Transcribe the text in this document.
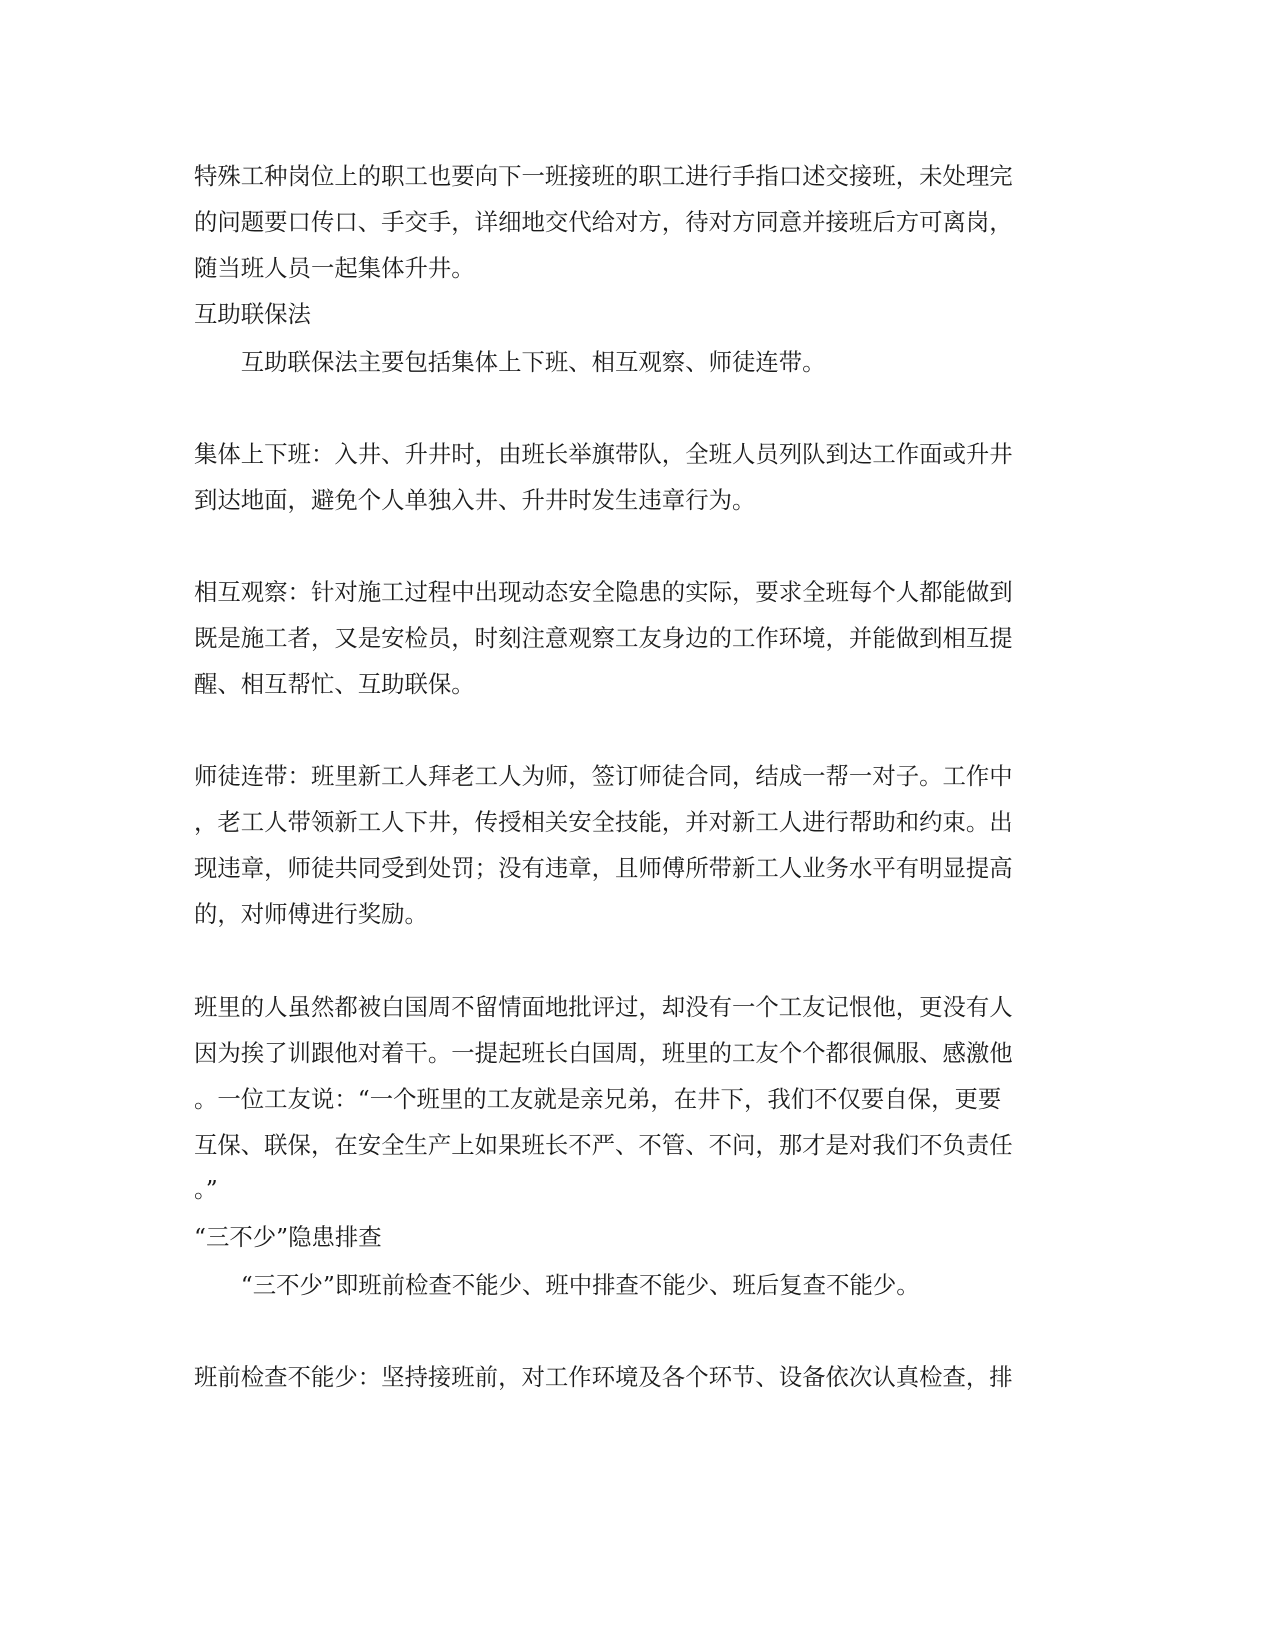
特殊工种岗位上的职工也要向下一班接班的职工进行手指口述交接班，未处理完

的问题要口传口、手交手，详细地交代给对方，待对方同意并接班后方可离岗，

随当班人员一起集体升井。

互助联保法

　　互助联保法主要包括集体上下班、相互观察、师徒连带。

集体上下班：入井、升井时，由班长举旗带队，全班人员列队到达工作面或升井

到达地面，避免个人单独入井、升井时发生违章行为。

相互观察：针对施工过程中出现动态安全隐患的实际，要求全班每个人都能做到

既是施工者，又是安检员，时刻注意观察工友身边的工作环境，并能做到相互提

醒、相互帮忙、互助联保。

师徒连带：班里新工人拜老工人为师，签订师徒合同，结成一帮一对子。工作中

，老工人带领新工人下井，传授相关安全技能，并对新工人进行帮助和约束。出

现违章，师徒共同受到处罚；没有违章，且师傅所带新工人业务水平有明显提高

的，对师傅进行奖励。

班里的人虽然都被白国周不留情面地批评过，却没有一个工友记恨他，更没有人

因为挨了训跟他对着干。一提起班长白国周，班里的工友个个都很佩服、感激他

。一位工友说：“一个班里的工友就是亲兄弟，在井下，我们不仅要自保，更要

互保、联保，在安全生产上如果班长不严、不管、不问，那才是对我们不负责任

。”

“三不少”隐患排查

　　“三不少”即班前检查不能少、班中排查不能少、班后复查不能少。

班前检查不能少：坚持接班前，对工作环境及各个环节、设备依次认真检查，排
